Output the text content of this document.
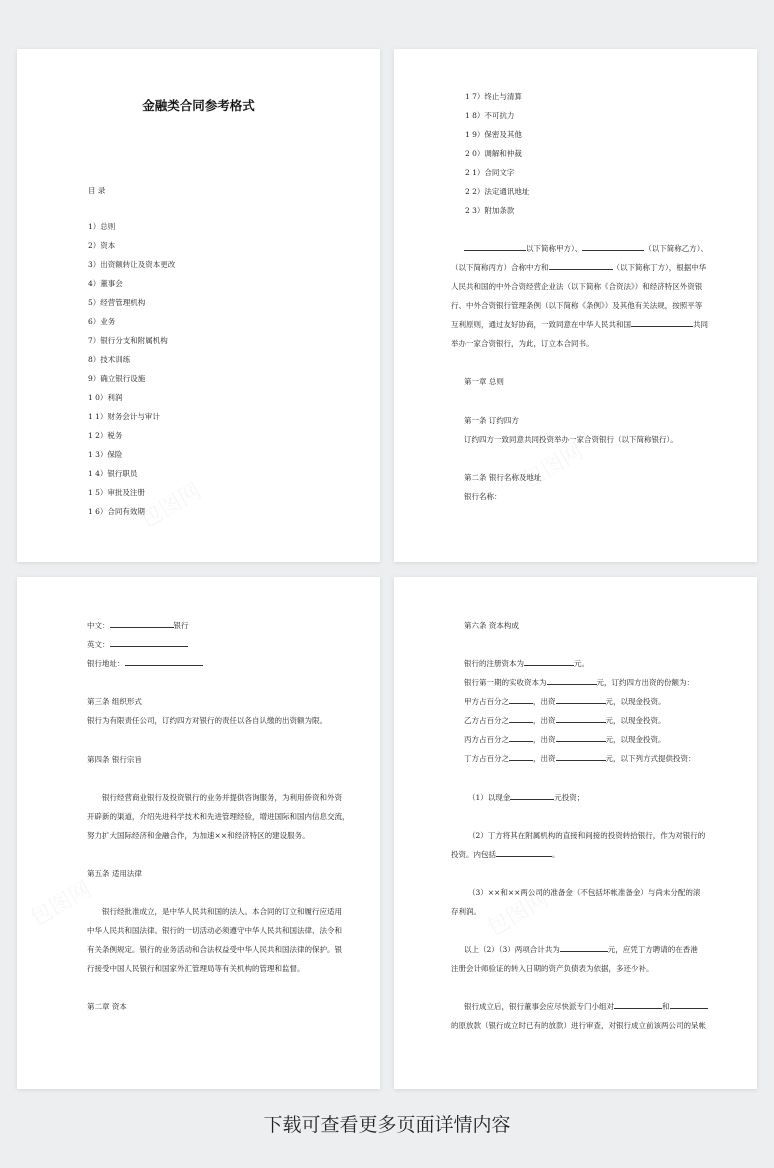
金融类合同参考格式
目 录
1）总则
2）资本
3）出资额转让及资本更改
4）董事会
5）经营管理机构
6）业务
7）银行分支和附属机构
8）技术训练
9）确立银行设施
1 0）利润
1 1）财务会计与审计
1 2）税务
1 3）保险
1 4）银行职员
1 5）审批及注册
1 6）合同有效期
1 7）终止与清算
1 8）不可抗力
1 9）保密及其他
2 0）调解和仲裁
2 1）合同文字
2 2）法定通讯地址
2 3）附加条款
以下简称甲方）、	（以下简称乙方）、
（以下简称丙方）合称中方和	（以下简称丁方），根据中华
人民共和国的中外合资经营企业法（以下简称《合资法》）和经济特区外资银
行、中外合资银行管理条例（以下简称《条例》）及其他有关法规，按照平等
互利原则，通过友好协商，一致同意在中华人民共和国	共同
举办一家合资银行，为此，订立本合同书。
第一章 总则
第一条 订约四方
订约四方一致同意共同投资举办一家合资银行（以下简称银行）。
第二条 银行名称及地址
银行名称：
中文：	银行
英文：
银行地址：
第三条 组织形式
银行为有限责任公司，订约四方对银行的责任以各自认缴的出资额为限。
第四条 银行宗旨
银行经营商业银行及投资银行的业务并提供咨询服务，为利用侨资和外资
开辟新的渠道，介绍先进科学技术和先进管理经验，增进国际和国内信息交流，
努力扩大国际经济和金融合作，为加速××和经济特区的建设服务。
第五条 适用法律
银行经批准成立，是中华人民共和国的法人。本合同的订立和履行应适用
中华人民共和国法律。银行的一切活动必须遵守中华人民共和国法律、法令和
有关条例规定。银行的业务活动和合法权益受中华人民共和国法律的保护。银
行接受中国人民银行和国家外汇管理局等有关机构的管理和监督。
第二章 资本
第六条 资本构成
银行的注册资本为	元。
银行第一期的实收资本为	元，订约四方出资的份额为：
甲方占百分之	，出资	元，以现金投资。
乙方占百分之	，出资	元，以现金投资。
丙方占百分之	，出资	元，以现金投资。
丁方占百分之	，出资	元，以下列方式提供投资：
（1）以现金	元投资；
（2）丁方将其在附属机构的直接和间接的投资转拾银行，作为对银行的
投资。内包括	。
（3）××和××两公司的准备金（不包括坏帐准备金）与尚未分配的滚
存利润。
以上（2）（3）两项合计共为	元，应凭丁方聘请的在香港
注册会计师验证的转入日期的资产负债表为依据，多还少补。
银行成立后，银行董事会应尽快派专门小组对	和
的原放款（银行成立时已有的放款）进行审查，对银行成立前该两公司的呆帐
下载可查看更多页面详情内容
